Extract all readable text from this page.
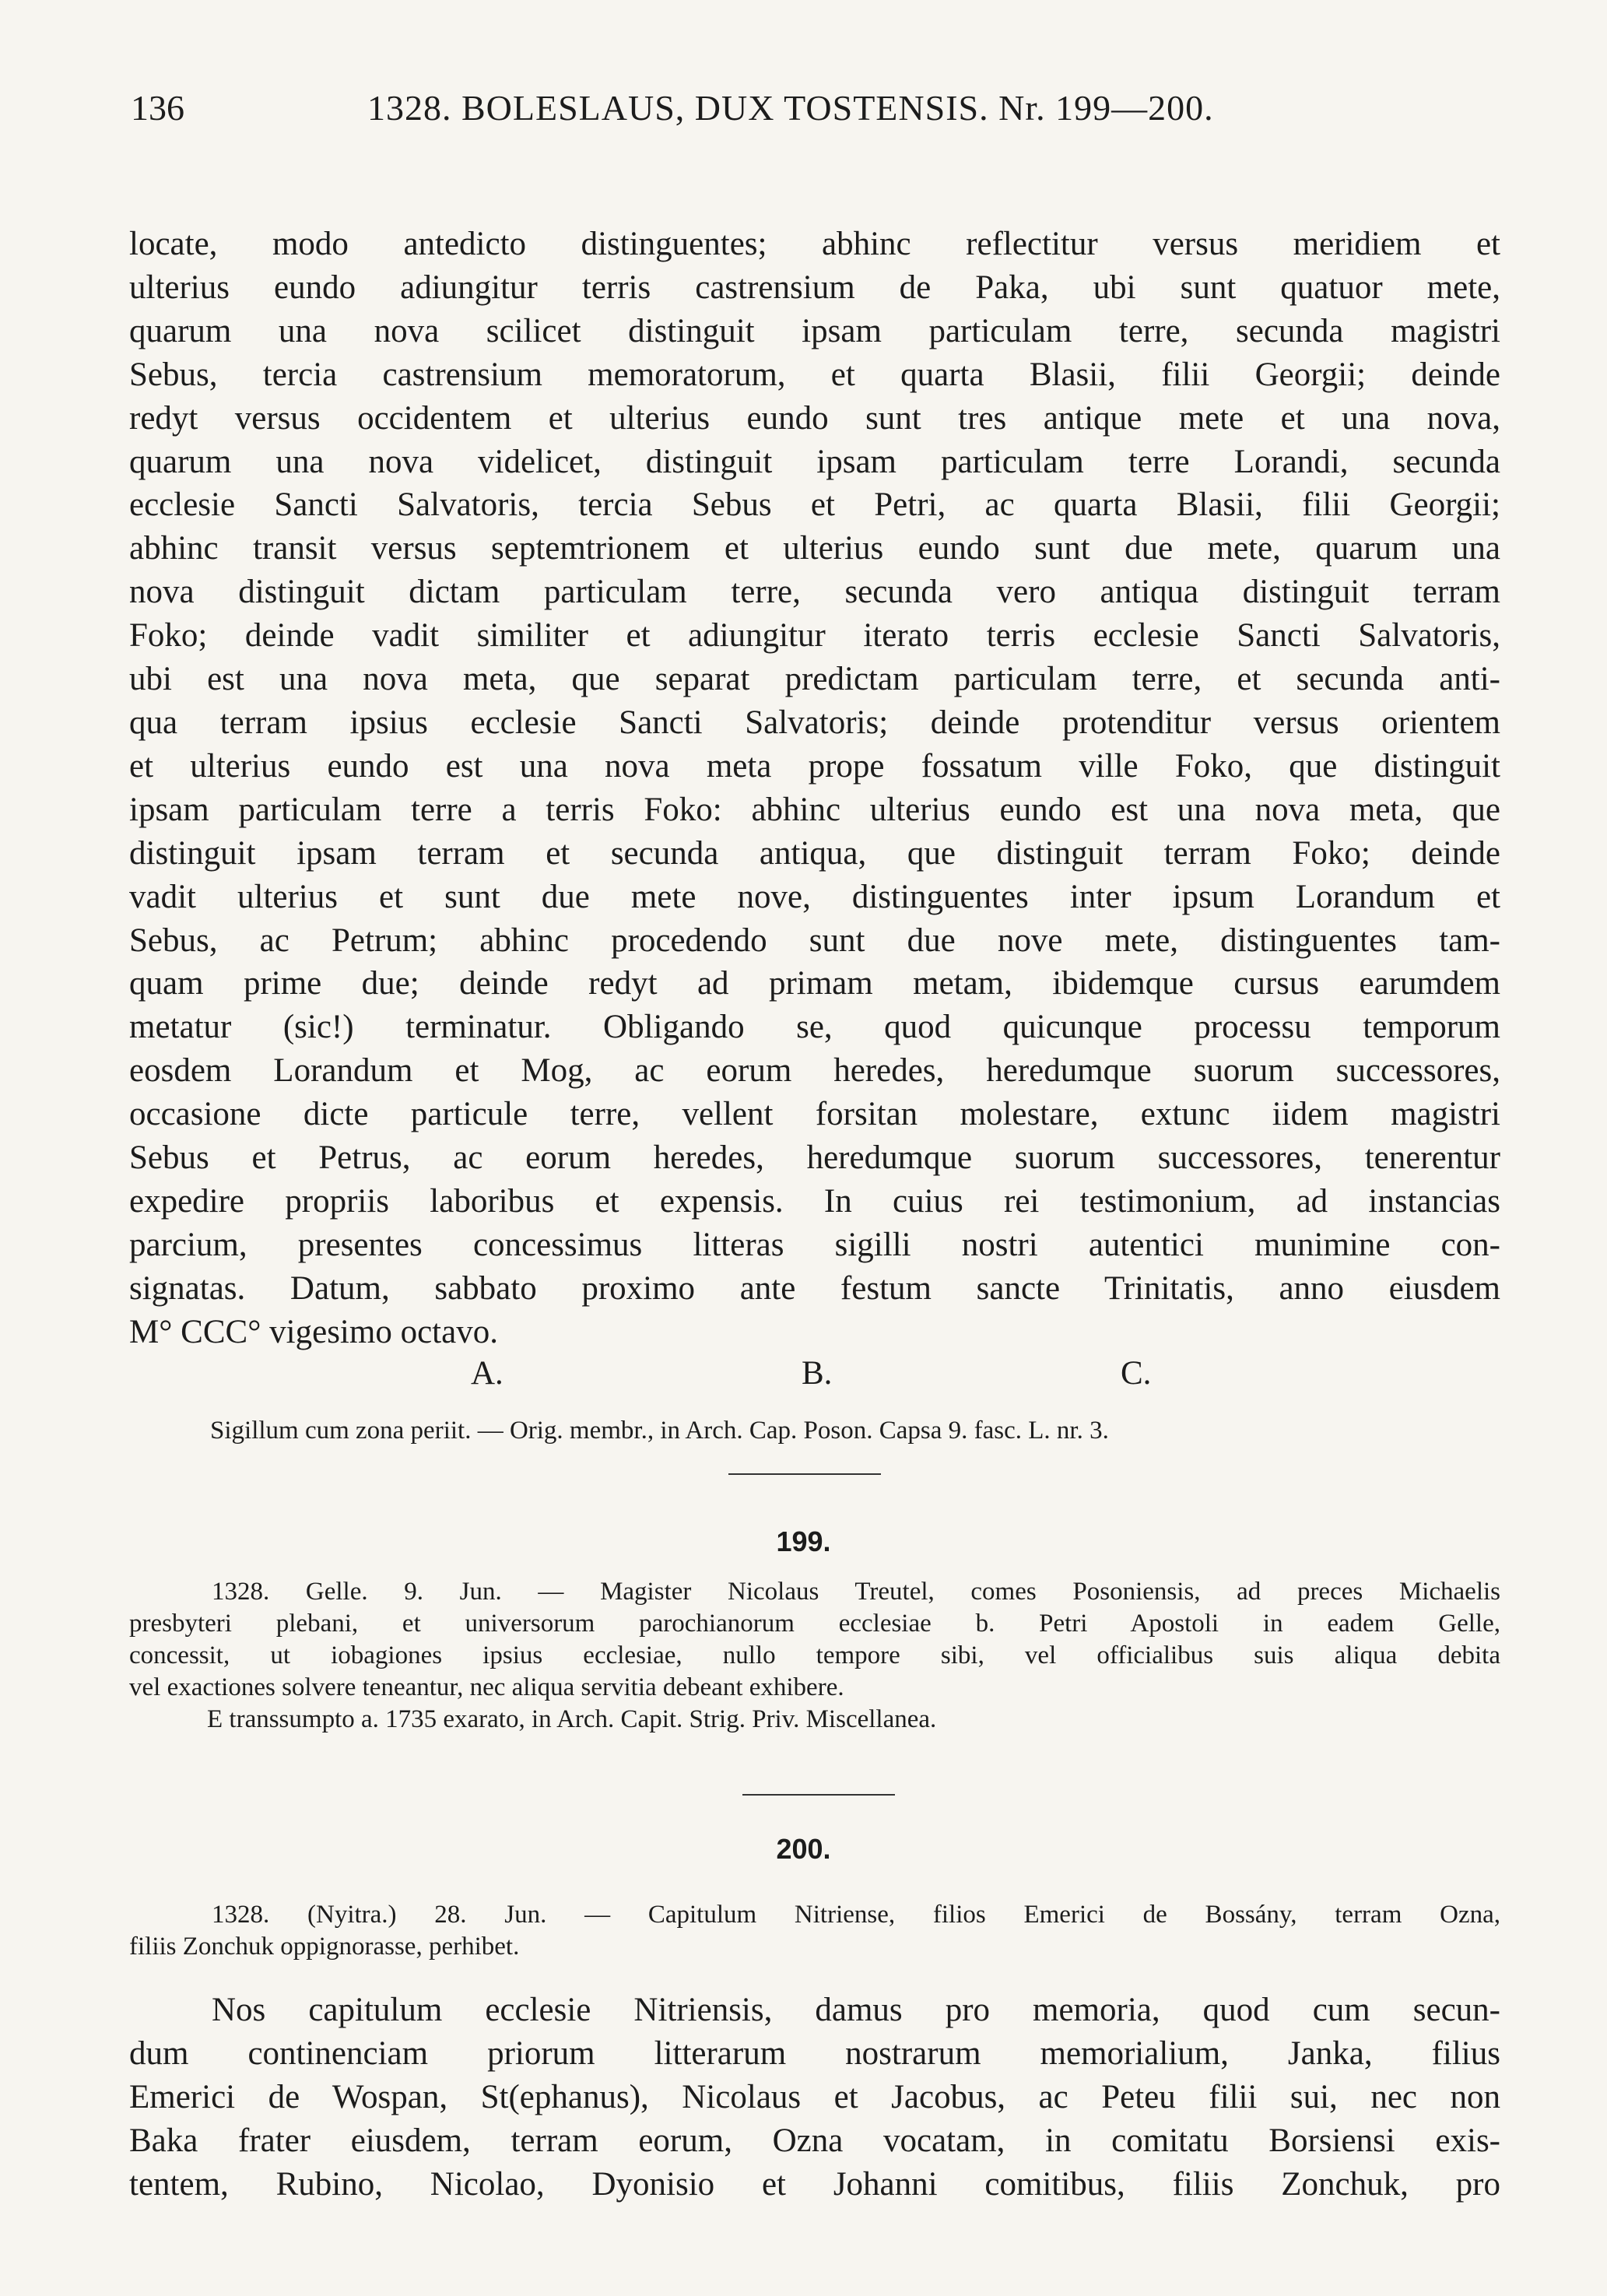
136	1328. BOLESLAUS, DUX TOSTENSIS. Nr. 199—200.
locate, modo antedicto distinguentes; abhinc reflectitur versus meridiem et
ulterius eundo adiungitur terris castrensium de Paka, ubi sunt quatuor mete,
quarum una nova scilicet distinguit ipsam particulam terre, secunda magistri
Sebus, tercia castrensium memoratorum, et quarta Blasii, filii Georgii; deinde
redyt versus occidentem et ulterius eundo sunt tres antique mete et una nova,
quarum una nova videlicet, distinguit ipsam particulam terre Lorandi, secunda
ecclesie Sancti Salvatoris, tercia Sebus et Petri, ac quarta Blasii, filii Georgii;
abhinc transit versus septemtrionem et ulterius eundo sunt due mete, quarum una
nova distinguit dictam particulam terre, secunda vero antiqua distinguit terram
Foko; deinde vadit similiter et adiungitur iterato terris ecclesie Sancti Salvatoris,
ubi est una nova meta, que separat predictam particulam terre, et secunda anti-
qua terram ipsius ecclesie Sancti Salvatoris; deinde protenditur versus orientem
et ulterius eundo est una nova meta prope fossatum ville Foko, que distinguit
ipsam particulam terre a terris Foko: abhinc ulterius eundo est una nova meta, que
distinguit ipsam terram et secunda antiqua, que distinguit terram Foko; deinde
vadit ulterius et sunt due mete nove, distinguentes inter ipsum Lorandum et
Sebus, ac Petrum; abhinc procedendo sunt due nove mete, distinguentes tam-
quam prime due; deinde redyt ad primam metam, ibidemque cursus earumdem
metatur (sic!) terminatur. Obligando se, quod quicunque processu temporum
eosdem Lorandum et Mog, ac eorum heredes, heredumque suorum successores,
occasione dicte particule terre, vellent forsitan molestare, extunc iidem magistri
Sebus et Petrus, ac eorum heredes, heredumque suorum successores, tenerentur
expedire propriis laboribus et expensis. In cuius rei testimonium, ad instancias
parcium, presentes concessimus litteras sigilli nostri autentici munimine con-
signatas. Datum, sabbato proximo ante festum sancte Trinitatis, anno eiusdem
M° CCC° vigesimo octavo.
A.	B.	C.
Sigillum cum zona periit. — Orig. membr., in Arch. Cap. Poson. Capsa 9. fasc. L. nr. 3.
199.
1328. Gelle. 9. Jun. — Magister Nicolaus Treutel, comes Posoniensis, ad preces Michaelis
presbyteri plebani, et universorum parochianorum ecclesiae b. Petri Apostoli in eadem Gelle,
concessit, ut iobagiones ipsius ecclesiae, nullo tempore sibi, vel officialibus suis aliqua debita
vel exactiones solvere teneantur, nec aliqua servitia debeant exhibere.
E transsumpto a. 1735 exarato, in Arch. Capit. Strig. Priv. Miscellanea.
200.
1328. (Nyitra.) 28. Jun. — Capitulum Nitriense, filios Emerici de Bossány, terram Ozna,
filiis Zonchuk oppignorasse, perhibet.
Nos capitulum ecclesie Nitriensis, damus pro memoria, quod cum secun-
dum continenciam priorum litterarum nostrarum memorialium, Janka, filius
Emerici de Wospan, St(ephanus), Nicolaus et Jacobus, ac Peteu filii sui, nec non
Baka frater eiusdem, terram eorum, Ozna vocatam, in comitatu Borsiensi exis-
tentem, Rubino, Nicolao, Dyonisio et Johanni comitibus, filiis Zonchuk, pro
